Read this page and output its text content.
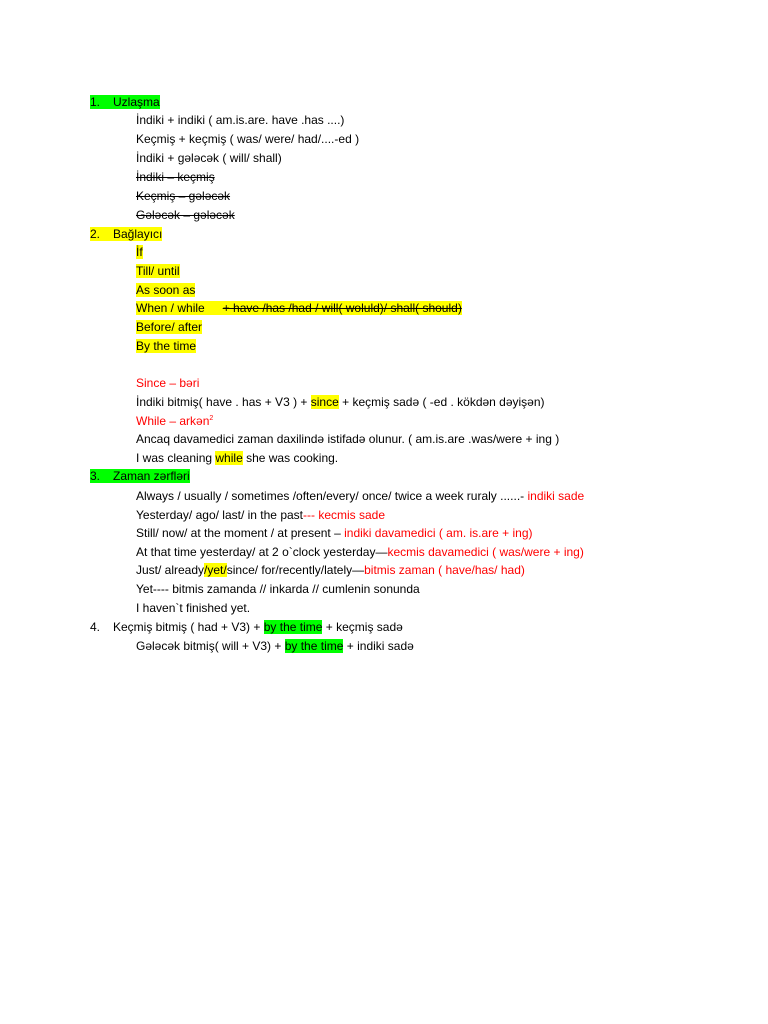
1. Uzlaşma
İndiki + indiki ( am.is.are. have .has ....)
Keçmiş + keçmiş ( was/ were/ had/....-ed )
İndiki + gələcək ( will/ shall)
İndiki – keçmiş
Keçmiş – gələcək
Gələcək – gələcək
2. Bağlayıcı
İf
Till/ until
As soon as
When / while + have /has /had / will( woluld)/ shall( should)
Before/ after
By the time
Since – bəri
İndiki bitmiş( have . has + V3 ) + since + keçmiş sadə ( -ed . kökdən dəyişən)
While – arkən$^2$
Ancaq davamedici zaman daxilində istifadə olunur. ( am.is.are .was/were + ing )
I was cleaning while she was cooking.
3. Zaman zərfləri
Always / usually / sometimes /often/every/ once/ twice a week ruraly ......- indiki sade
Yesterday/ ago/ last/ in the past--- kecmis sade
Still/ now/ at the moment / at present – indiki davamedici ( am. is.are + ing)
At that time yesterday/ at 2 o`clock yesterday—kecmis davamedici ( was/were + ing)
Just/ already/yet/since/ for/recently/lately—bitmis zaman ( have/has/ had)
Yet---- bitmis zamanda // inkarda // cumlenin sonunda
I haven`t finished yet.
4. Keçmiş bitmiş ( had + V3) + by the time + keçmiş sadə
Gələcək bitmiş( will + V3) + by the time + indiki sadə
